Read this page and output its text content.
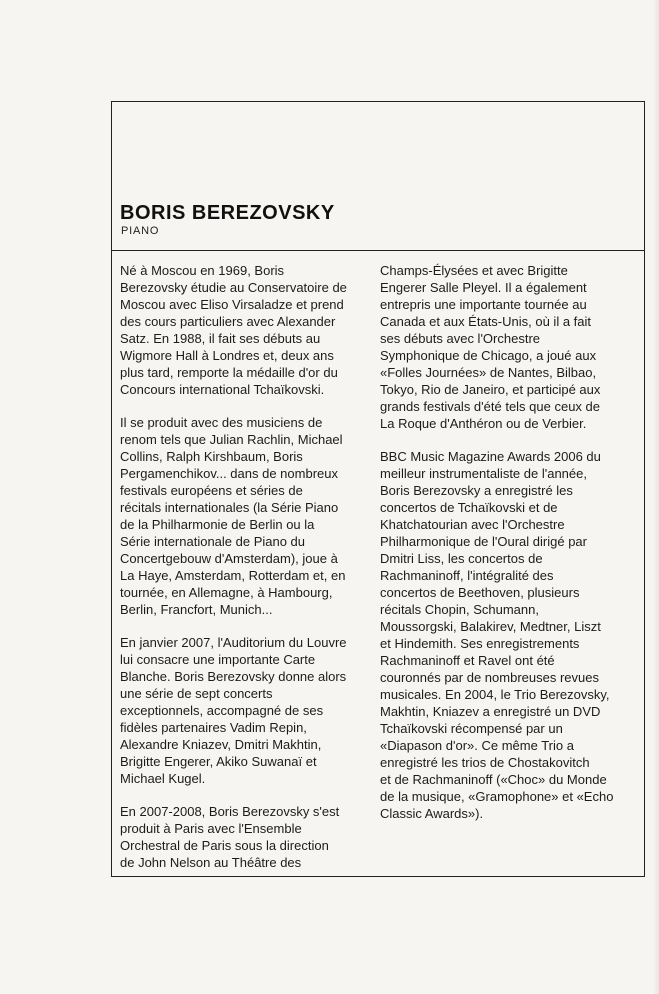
BORIS BEREZOVSKY
PIANO

Né à Moscou en 1969, Boris
Berezovsky étudie au Conservatoire de
Moscou avec Eliso Virsaladze et prend
des cours particuliers avec Alexander
Satz. En 1988, il fait ses débuts au
Wigmore Hall à Londres et, deux ans
plus tard, remporte la médaille d'or du
Concours international Tchaïkovski.

Il se produit avec des musiciens de
renom tels que Julian Rachlin, Michael
Collins, Ralph Kirshbaum, Boris
Pergamenchikov... dans de nombreux
festivals européens et séries de
récitals internationales (la Série Piano
de la Philharmonie de Berlin ou la
Série internationale de Piano du
Concertgebouw d'Amsterdam), joue à
La Haye, Amsterdam, Rotterdam et, en
tournée, en Allemagne, à Hambourg,
Berlin, Francfort, Munich...

En janvier 2007, l'Auditorium du Louvre
lui consacre une importante Carte
Blanche. Boris Berezovsky donne alors
une série de sept concerts
exceptionnels, accompagné de ses
fidèles partenaires Vadim Repin,
Alexandre Kniazev, Dmitri Makhtin,
Brigitte Engerer, Akiko Suwanaï et
Michael Kugel.

En 2007-2008, Boris Berezovsky s'est
produit à Paris avec l'Ensemble
Orchestral de Paris sous la direction
de John Nelson au Théâtre des

Champs-Élysées et avec Brigitte
Engerer Salle Pleyel. Il a également
entrepris une importante tournée au
Canada et aux États-Unis, où il a fait
ses débuts avec l'Orchestre
Symphonique de Chicago, a joué aux
«Folles Journées» de Nantes, Bilbao,
Tokyo, Rio de Janeiro, et participé aux
grands festivals d'été tels que ceux de
La Roque d'Anthéron ou de Verbier.

BBC Music Magazine Awards 2006 du
meilleur instrumentaliste de l'année,
Boris Berezovsky a enregistré les
concertos de Tchaïkovski et de
Khatchatourian avec l'Orchestre
Philharmonique de l'Oural dirigé par
Dmitri Liss, les concertos de
Rachmaninoff, l'intégralité des
concertos de Beethoven, plusieurs
récitals Chopin, Schumann,
Moussorgski, Balakirev, Medtner, Liszt
et Hindemith. Ses enregistrements
Rachmaninoff et Ravel ont été
couronnés par de nombreuses revues
musicales. En 2004, le Trio Berezovsky,
Makhtin, Kniazev a enregistré un DVD
Tchaïkovski récompensé par un
«Diapason d'or». Ce même Trio a
enregistré les trios de Chostakovitch
et de Rachmaninoff («Choc» du Monde
de la musique, «Gramophone» et «Echo
Classic Awards»).
